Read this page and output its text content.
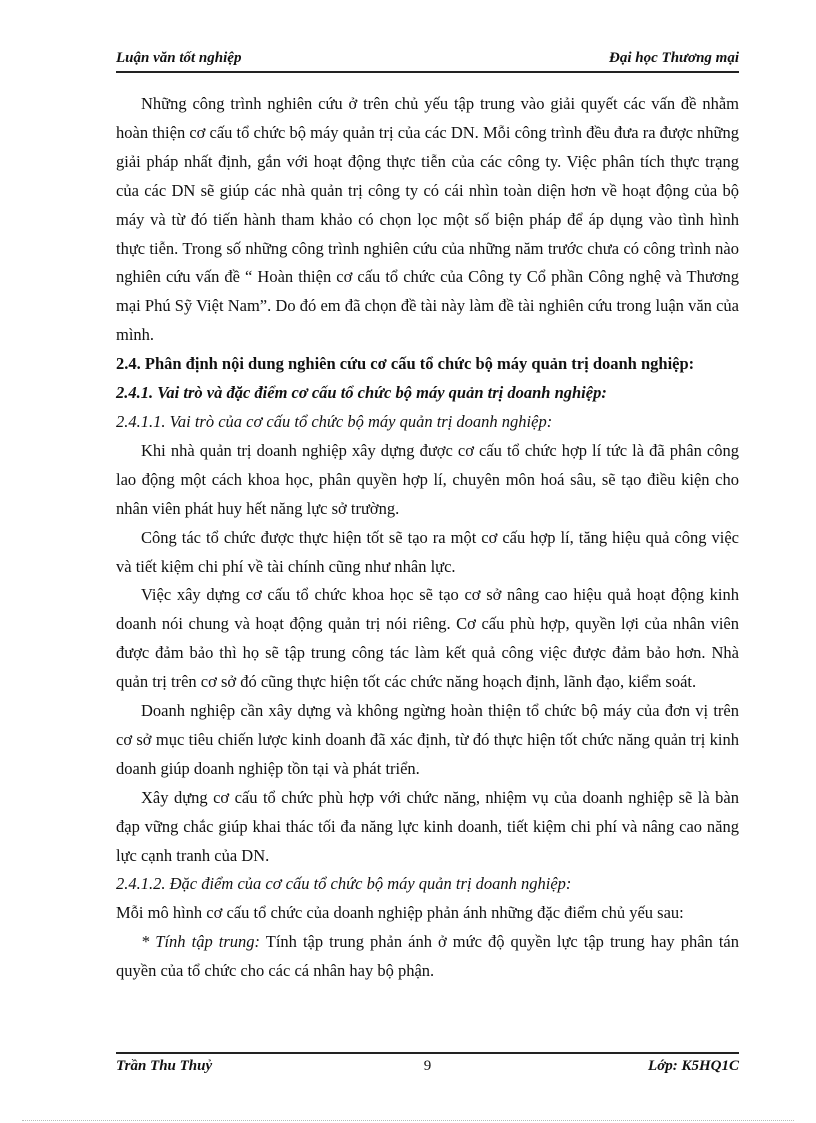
Luận văn tốt nghiệp	Đại học Thương mại

Những công trình nghiên cứu ở trên chủ yếu tập trung vào giải quyết các vấn đề nhằm hoàn thiện cơ cấu tổ chức bộ máy quản trị của các DN. Mỗi công trình đều đưa ra được những giải pháp nhất định, gắn với hoạt động thực tiễn của các công ty. Việc phân tích thực trạng của các DN sẽ giúp các nhà quản trị công ty có cái nhìn toàn diện hơn về hoạt động của bộ máy và từ đó tiến hành tham khảo có chọn lọc một số biện pháp để áp dụng vào tình hình thực tiễn. Trong số những công trình nghiên cứu của những năm trước chưa có công trình nào nghiên cứu vấn đề “ Hoàn thiện cơ cấu tổ chức của Công ty Cổ phần Công nghệ và Thương mại Phú Sỹ Việt Nam”. Do đó em đã chọn đề tài này làm đề tài nghiên cứu trong luận văn của mình.

2.4. Phân định nội dung nghiên cứu cơ cấu tổ chức bộ máy quản trị doanh nghiệp:
2.4.1. Vai trò và đặc điểm cơ cấu tổ chức bộ máy quản trị doanh nghiệp:
2.4.1.1. Vai trò của cơ cấu tổ chức bộ máy quản trị doanh nghiệp:

Khi nhà quản trị doanh nghiệp xây dựng được cơ cấu tổ chức hợp lí tức là đã phân công lao động một cách khoa học, phân quyền hợp lí, chuyên môn hoá sâu, sẽ tạo điều kiện cho nhân viên phát huy hết năng lực sở trường.

Công tác tổ chức được thực hiện tốt sẽ tạo ra một cơ cấu hợp lí, tăng hiệu quả công việc và tiết kiệm chi phí về tài chính cũng như nhân lực.

Việc xây dựng cơ cấu tổ chức khoa học sẽ tạo cơ sở nâng cao hiệu quả hoạt động kinh doanh nói chung và hoạt động quản trị nói riêng. Cơ cấu phù hợp, quyền lợi của nhân viên được đảm bảo thì họ sẽ tập trung công tác làm kết quả công việc được đảm bảo hơn. Nhà quản trị trên cơ sở đó cũng thực hiện tốt các chức năng hoạch định, lãnh đạo, kiểm soát.

Doanh nghiệp cần xây dựng và không ngừng hoàn thiện tổ chức bộ máy của đơn vị trên cơ sở mục tiêu chiến lược kinh doanh đã xác định, từ đó thực hiện tốt chức năng quản trị kinh doanh giúp doanh nghiệp tồn tại và phát triển.

Xây dựng cơ cấu tổ chức phù hợp với chức năng, nhiệm vụ của doanh nghiệp sẽ là bàn đạp vững chắc giúp khai thác tối đa năng lực kinh doanh, tiết kiệm chi phí và nâng cao năng lực cạnh tranh của DN.

2.4.1.2. Đặc điểm của cơ cấu tổ chức bộ máy quản trị doanh nghiệp:

Mỗi mô hình cơ cấu tổ chức của doanh nghiệp phản ánh những đặc điểm chủ yếu sau:

* Tính tập trung: Tính tập trung phản ánh ở mức độ quyền lực tập trung hay phân tán quyền của tổ chức cho các cá nhân hay bộ phận.

Trần Thu Thuỷ	9	Lớp: K5HQ1C
